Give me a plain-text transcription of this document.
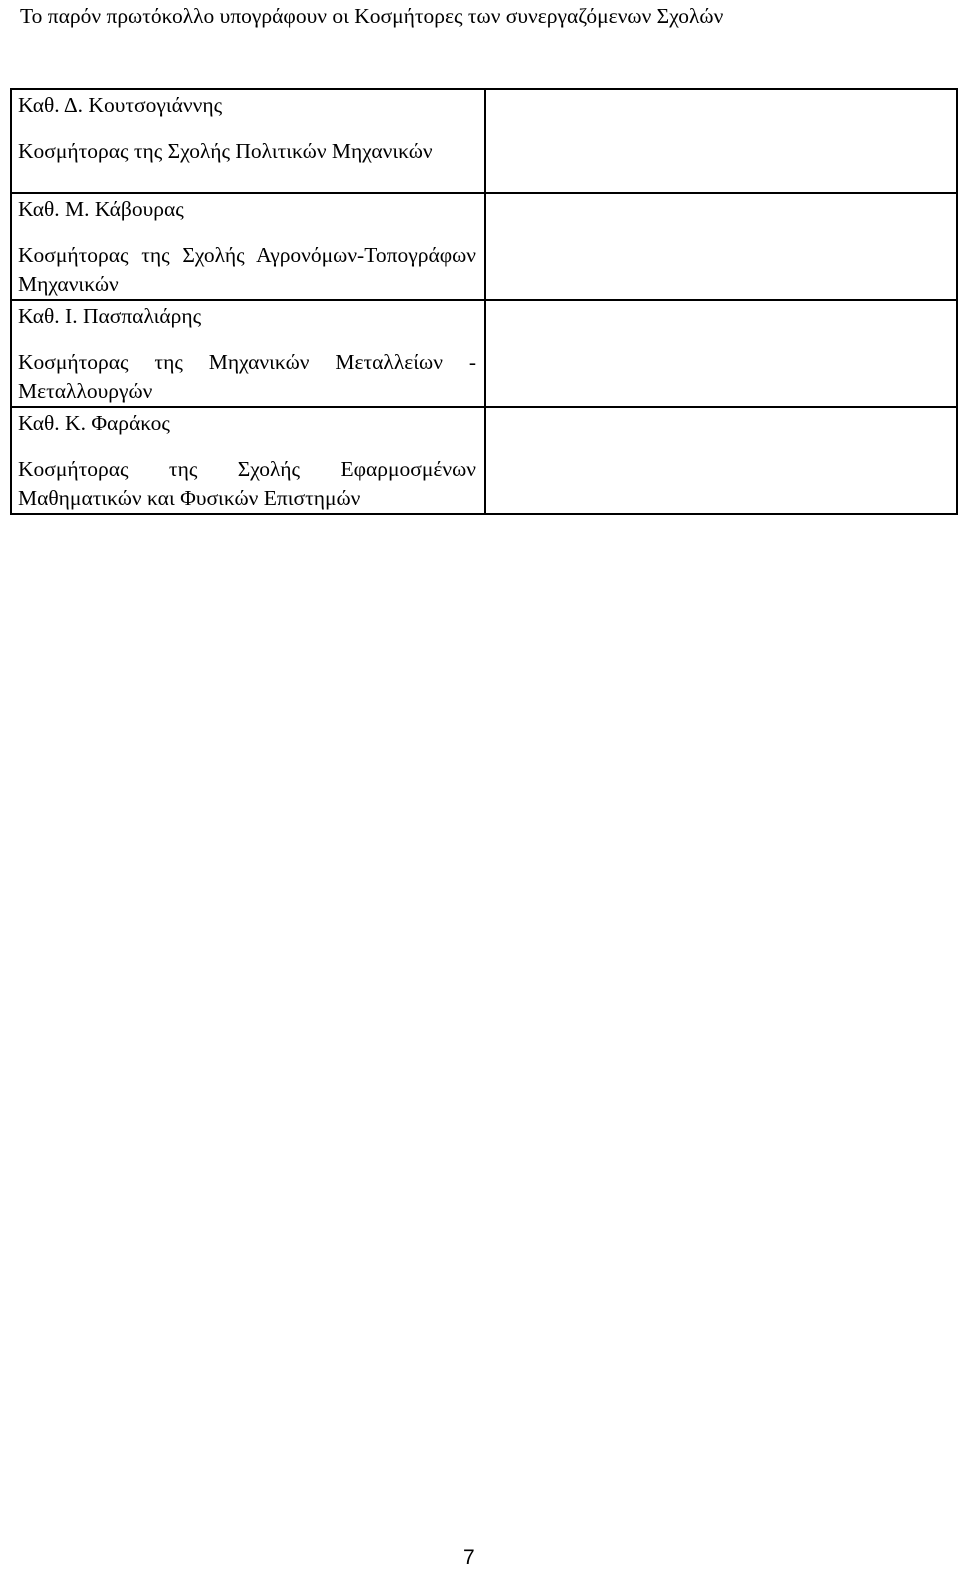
Το παρόν πρωτόκολλο υπογράφουν οι Κοσμήτορες των συνεργαζόμενων Σχολών
Καθ. Δ. Κουτσογιάννης
Κοσμήτορας της Σχολής Πολιτικών Μηχανικών	

Καθ. Μ. Κάβουρας
Κοσμήτορας της Σχολής Αγρονόμων-Τοπογράφων Μηχανικών	

Καθ. Ι. Πασπαλιάρης
Κοσμήτορας της Μηχανικών Μεταλλείων - Μεταλλουργών	

Καθ. Κ. Φαράκος
Κοσμήτορας της Σχολής Εφαρμοσμένων Μαθηματικών και Φυσικών Επιστημών	

7
